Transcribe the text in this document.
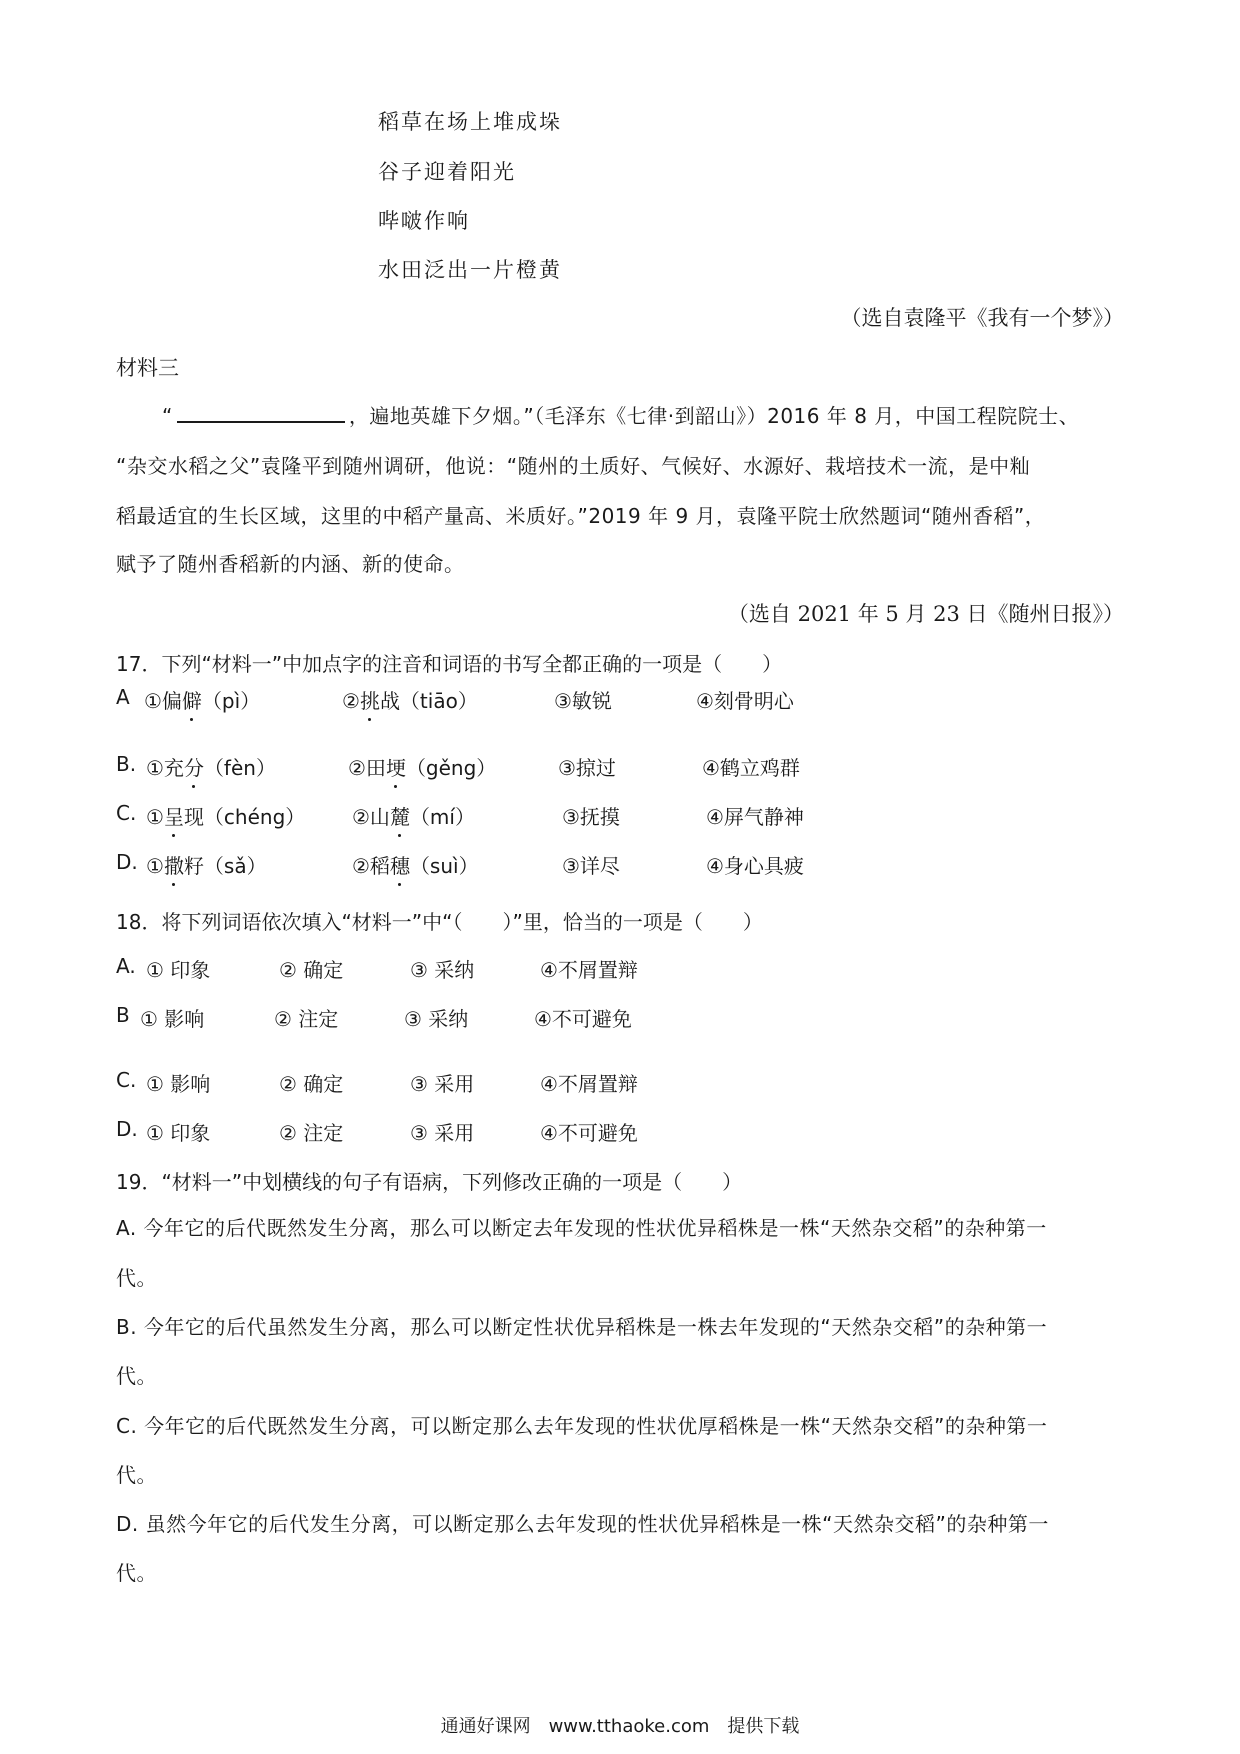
稻草在场上堆成垛
谷子迎着阳光
哔啵作响
水田泛出一片橙黄
（选自袁隆平《我有一个梦》）
材料三
“	，遍地英雄下夕烟。”（毛泽东《七律·到韶山》）2016 年 8 月，中国工程院院士、
“杂交水稻之父”袁隆平到随州调研，他说：“随州的土质好、气候好、水源好、栽培技术一流，是中籼
稻最适宜的生长区域，这里的中稻产量高、米质好。”2019 年 9 月，袁隆平院士欣然题词“随州香稻”，
赋予了随州香稻新的内涵、新的使命。
（选自 2021 年 5 月 23 日《随州日报》）
17．下列“材料一”中加点字的注音和词语的书写全都正确的一项是（　　）
A ①偏僻（pì）	②挑战（tiāo）	③敏锐	④刻骨明心
B. ①充分（fèn）	②田埂（gěng）	③掠过	④鹤立鸡群
C. ①呈现（chéng） ②山麓（mí）	③抚摸	④屏气静神
D. ①撒籽（sǎ）	②稻穗（suì）	③详尽	④身心具疲
18．将下列词语依次填入“材料一”中“（　　）”里，恰当的一项是（　　）
A. ① 印象	② 确定	③ 采纳	④不屑置辩
B ① 影响	② 注定	③ 采纳	④不可避免
C. ① 影响	② 确定	③ 采用	④不屑置辩
D. ① 印象	② 注定	③ 采用	④不可避免
19．“材料一”中划横线的句子有语病，下列修改正确的一项是（　　）
A. 今年它的后代既然发生分离，那么可以断定去年发现的性状优异稻株是一株“天然杂交稻”的杂种第一
代。
B. 今年它的后代虽然发生分离，那么可以断定性状优异稻株是一株去年发现的“天然杂交稻”的杂种第一
代。
C. 今年它的后代既然发生分离，可以断定那么去年发现的性状优厚稻株是一株“天然杂交稻”的杂种第一
代。
D. 虽然今年它的后代发生分离，可以断定那么去年发现的性状优异稻株是一株“天然杂交稻”的杂种第一
代。
通通好课网　www.tthaoke.com　提供下载
